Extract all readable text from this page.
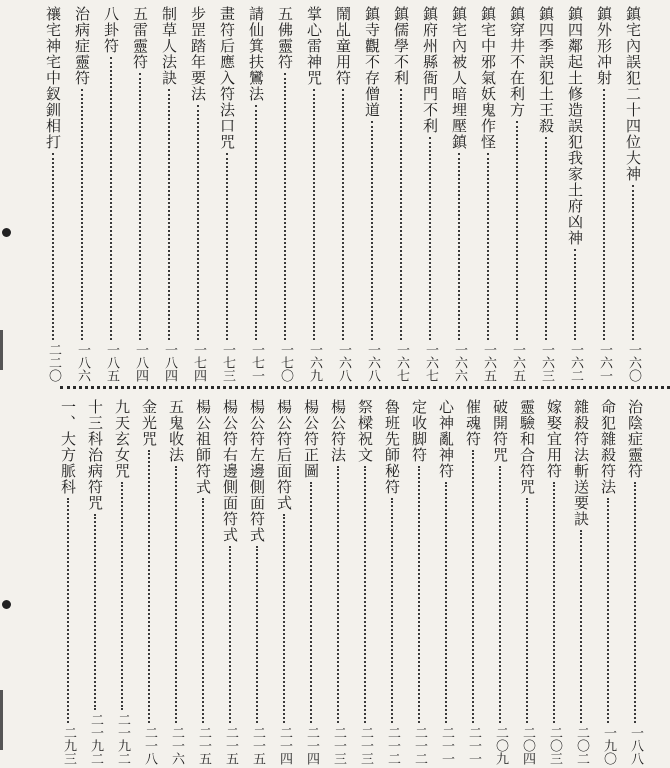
鎮宅內誤犯二十四位大神
一六〇
鎮外形冲射
一六一
鎮四鄰起土修造誤犯我家土府凶神
一六二
鎮四季誤犯土王殺
一六三
鎮穿井不在利方
一六五
鎮宅中邪氣妖鬼作怪
一六五
鎮宅內被人暗埋壓鎮
一六六
鎮府州縣衙門不利
一六七
鎮儒學不利
一六七
鎮寺觀不存僧道
一六八
鬧乩童用符
一六八
掌心雷神咒
一六九
五佛靈符
一七〇
請仙箕扶鸞法
一七一
畫符后應入符法口咒
一七三
步罡踏年要法
一七四
制草人法訣
一八四
五雷靈符
一八四
八卦符
一八五
治病症靈符
一八六
禳宅神宅中釵釧相打
二二〇
治陰症靈符
一八八
命犯雜殺符法
一九〇
雜殺符法斬送要訣
二〇二
嫁娶宜用符
二〇三
靈驗和合符咒
二〇四
破開符咒
二〇九
催魂符
二一一
心神亂神符
二一一
定收脚符
二一二
魯班先師秘符
二一二
祭樑祝文
二一三
楊公符法
二一三
楊公符正圖
二一四
楊公符后面符式
二一四
楊公符左邊側面符式
二一五
楊公符右邊側面符式
二一五
楊公祖師符式
二一五
五鬼收法
二一六
金光咒
二一八
九天玄女咒
二一九二
十三科治病符咒
二一九二
一、大方脈科
二九三
